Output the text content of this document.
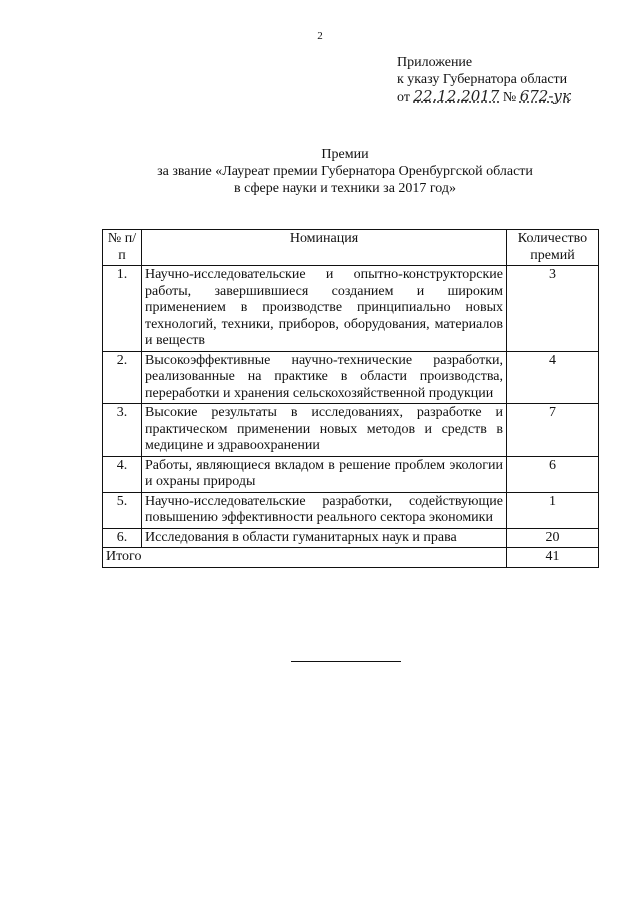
2
Приложение
к указу Губернатора области
от 22.12.2017 № 672-ук
Премии
за звание «Лауреат премии Губернатора Оренбургской области
в сфере науки и техники за 2017 год»
№ п/п	Номинация	Количество премий
1.	Научно-исследовательские и опытно-конструкторские работы, завершившиеся созданием и широким применением в производстве принципиально новых технологий, техники, приборов, оборудования, материалов и веществ	3
2.	Высокоэффективные научно-технические разработки, реализованные на практике в области производства, переработки и хранения сельскохозяйственной продукции	4
3.	Высокие результаты в исследованиях, разработке и практическом применении новых методов и средств в медицине и здравоохранении	7
4.	Работы, являющиеся вкладом в решение проблем экологии и охраны природы	6
5.	Научно-исследовательские разработки, содействующие повышению эффективности реального сектора экономики	1
6.	Исследования в области гуманитарных наук и права	20
Итого		41
